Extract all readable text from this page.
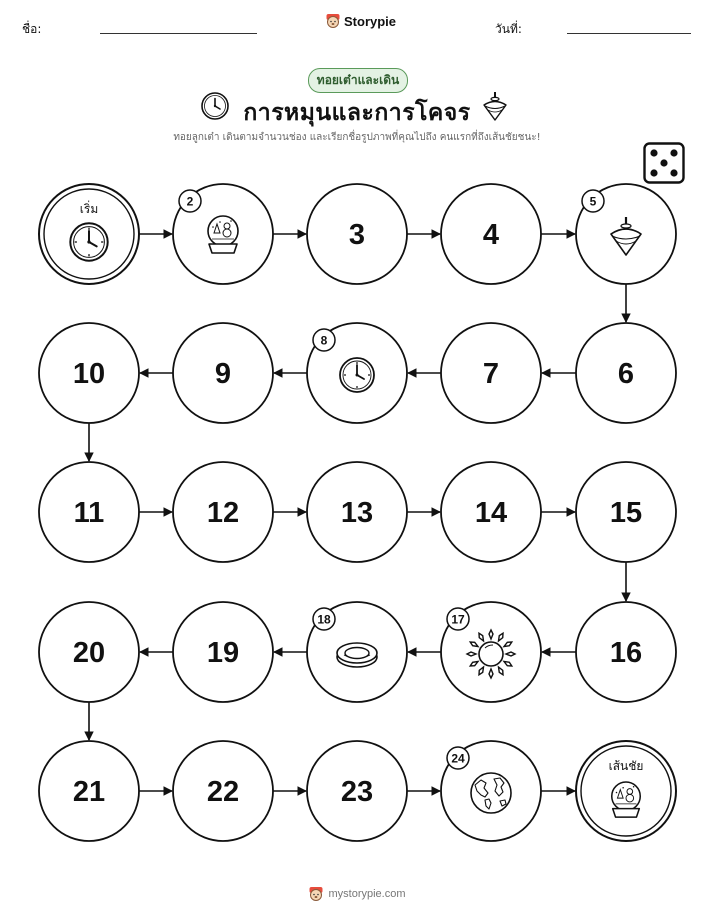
ชื่อ:
Storypie
วันที่:
ทอยเต๋าและเดิน
การหมุนและการโคจร
ทอยลูกเต๋า เดินตามจำนวนช่อง และเรียกชื่อรูปภาพที่คุณไปถึง คนแรกที่ถึงเส้นชัยชนะ!
เริ่ม
เส้นชัย
2
3	4
5
6
7
8
9
10
11	12	13	14	15
16
17
18
19
20
21	22	23
24
mystorypie.com
